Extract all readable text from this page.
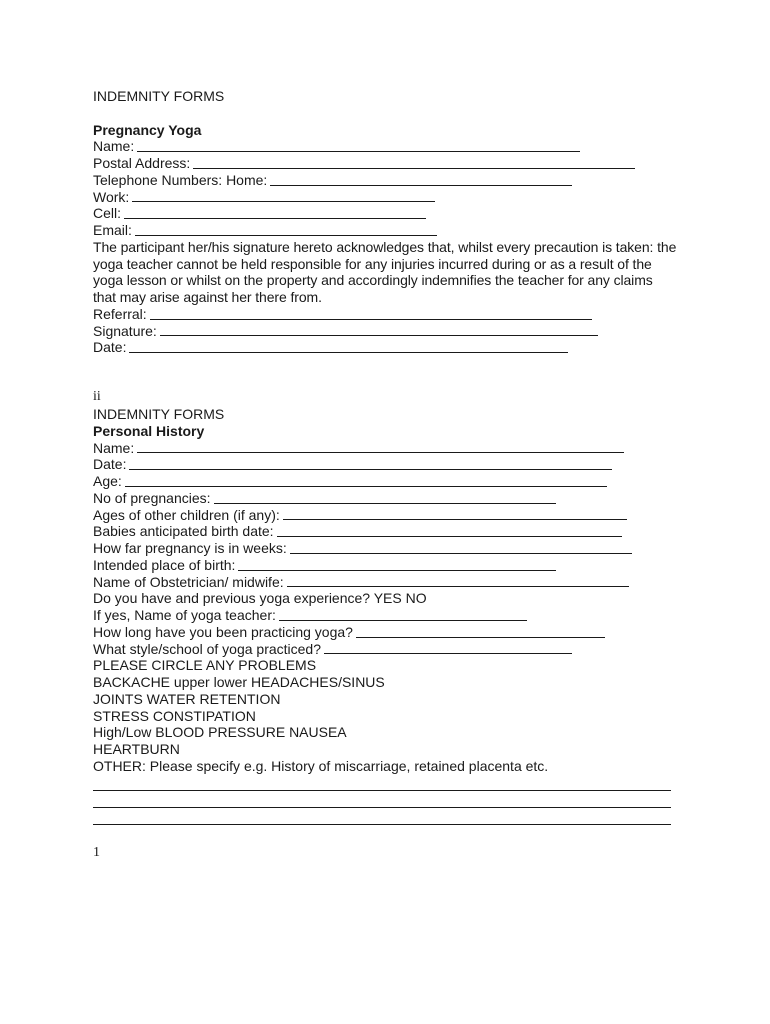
INDEMNITY FORMS
Pregnancy Yoga
Name:
Postal Address:
Telephone Numbers: Home:
Work:
Cell:
Email:
The participant her/his signature hereto acknowledges that, whilst every precaution is taken: the yoga teacher cannot be held responsible for any injuries incurred during or as a result of the yoga lesson or whilst on the property and accordingly indemnifies the teacher for any claims that may arise against her there from.
Referral:
Signature:
Date:
ii
INDEMNITY FORMS
Personal History
Name:
Date:
Age:
No of pregnancies:
Ages of other children (if any):
Babies anticipated birth date:
How far pregnancy is in weeks:
Intended place of birth:
Name of Obstetrician/ midwife:
Do you have and previous yoga experience? YES NO
If yes, Name of yoga teacher:
How long have you been practicing yoga?
What style/school of yoga practiced?
PLEASE CIRCLE ANY PROBLEMS
BACKACHE upper lower HEADACHES/SINUS
JOINTS WATER RETENTION
STRESS CONSTIPATION
High/Low BLOOD PRESSURE NAUSEA
HEARTBURN
OTHER: Please specify e.g. History of miscarriage, retained placenta etc.
1
